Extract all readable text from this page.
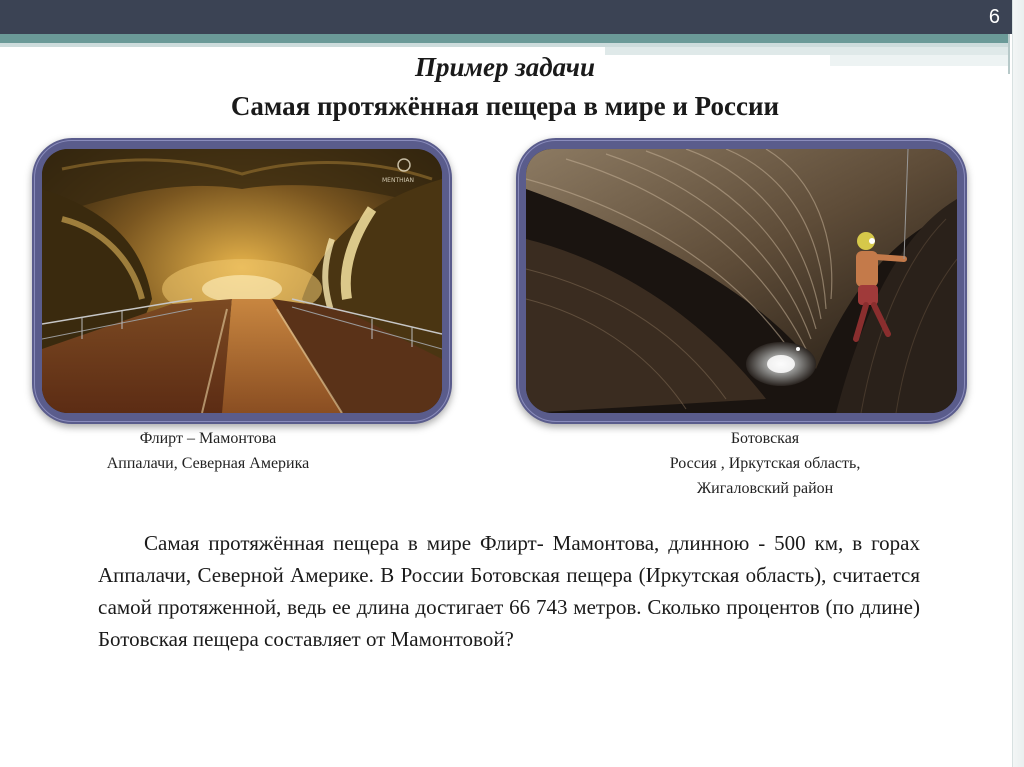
6
Пример задачи
Самая протяжённая пещера в мире и России
MENTHIAN
Флирт – Мамонтова
Аппалачи, Северная Америка
Ботовская
Россия , Иркутская область,
Жигаловский район
Самая протяжённая пещера в мире Флирт- Мамонтова, длинною - 500 км, в горах Аппалачи, Северной Америке. В России Ботовская пещера (Иркутская область), считается самой протяженной, ведь ее длина достигает 66 743 метров. Сколько процентов (по длине) Ботовская пещера составляет от Мамонтовой?
